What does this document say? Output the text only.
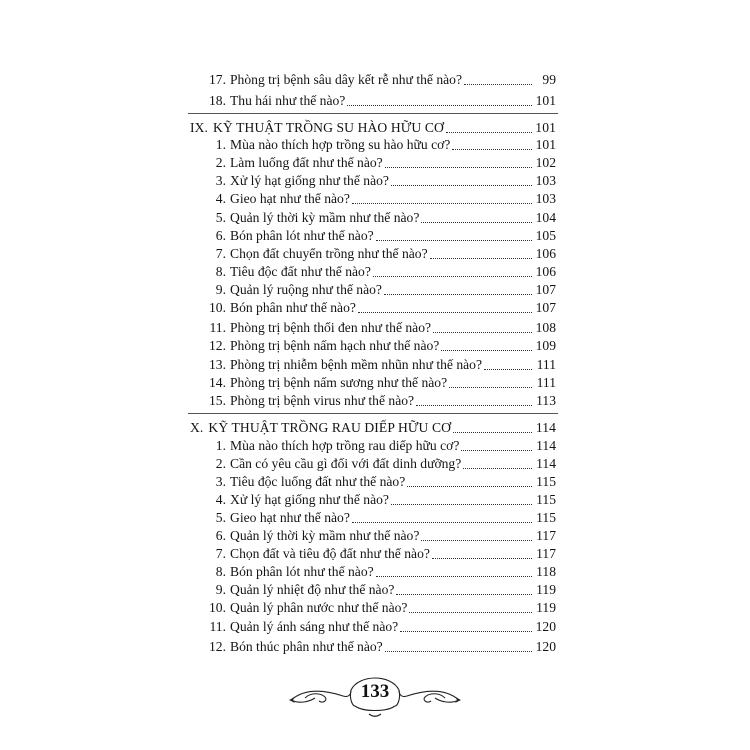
17. Phòng trị bệnh sâu dây kết rễ như thế nào?	99
18. Thu hái như thế nào?	101
IX. KỸ THUẬT TRỒNG SU HÀO HỮU CƠ	101
1. Mùa nào thích hợp trồng su hào hữu cơ?	101
2. Làm luống đất như thế nào?	102
3. Xử lý hạt giống như thế nào?	103
4. Gieo hạt như thế nào?	103
5. Quản lý thời kỳ mầm như thế nào?	104
6. Bón phân lót như thế nào?	105
7. Chọn đất chuyển trồng như thế nào?	106
8. Tiêu độc đất như thế nào?	106
9. Quản lý ruộng như thế nào?	107
10. Bón phân như thế nào?	107
11. Phòng trị bệnh thối đen như thế nào?	108
12. Phòng trị bệnh nấm hạch như thế nào?	109
13. Phòng trị nhiễm bệnh mềm nhũn như thế nào?	111
14. Phòng trị bệnh nấm sương như thế nào?	111
15. Phòng trị bệnh virus như thế nào?	113
X. KỸ THUẬT TRỒNG RAU DIẾP HỮU CƠ	114
1. Mùa nào thích hợp trồng rau diếp hữu cơ?	114
2. Cần có yêu cầu gì đối với đất dinh dưỡng?	114
3. Tiêu độc luống đất như thế nào?	115
4. Xử lý hạt giống như thế nào?	115
5. Gieo hạt như thế nào?	115
6. Quản lý thời kỳ mầm như thế nào?	117
7. Chọn đất và tiêu độ đất như thế nào?	117
8. Bón phân lót như thế nào?	118
9. Quản lý nhiệt độ như thế nào?	119
10. Quản lý phân nước như thế nào?	119
11. Quản lý ánh sáng như thế nào?	120
12. Bón thúc phân như thế nào?	120
133
